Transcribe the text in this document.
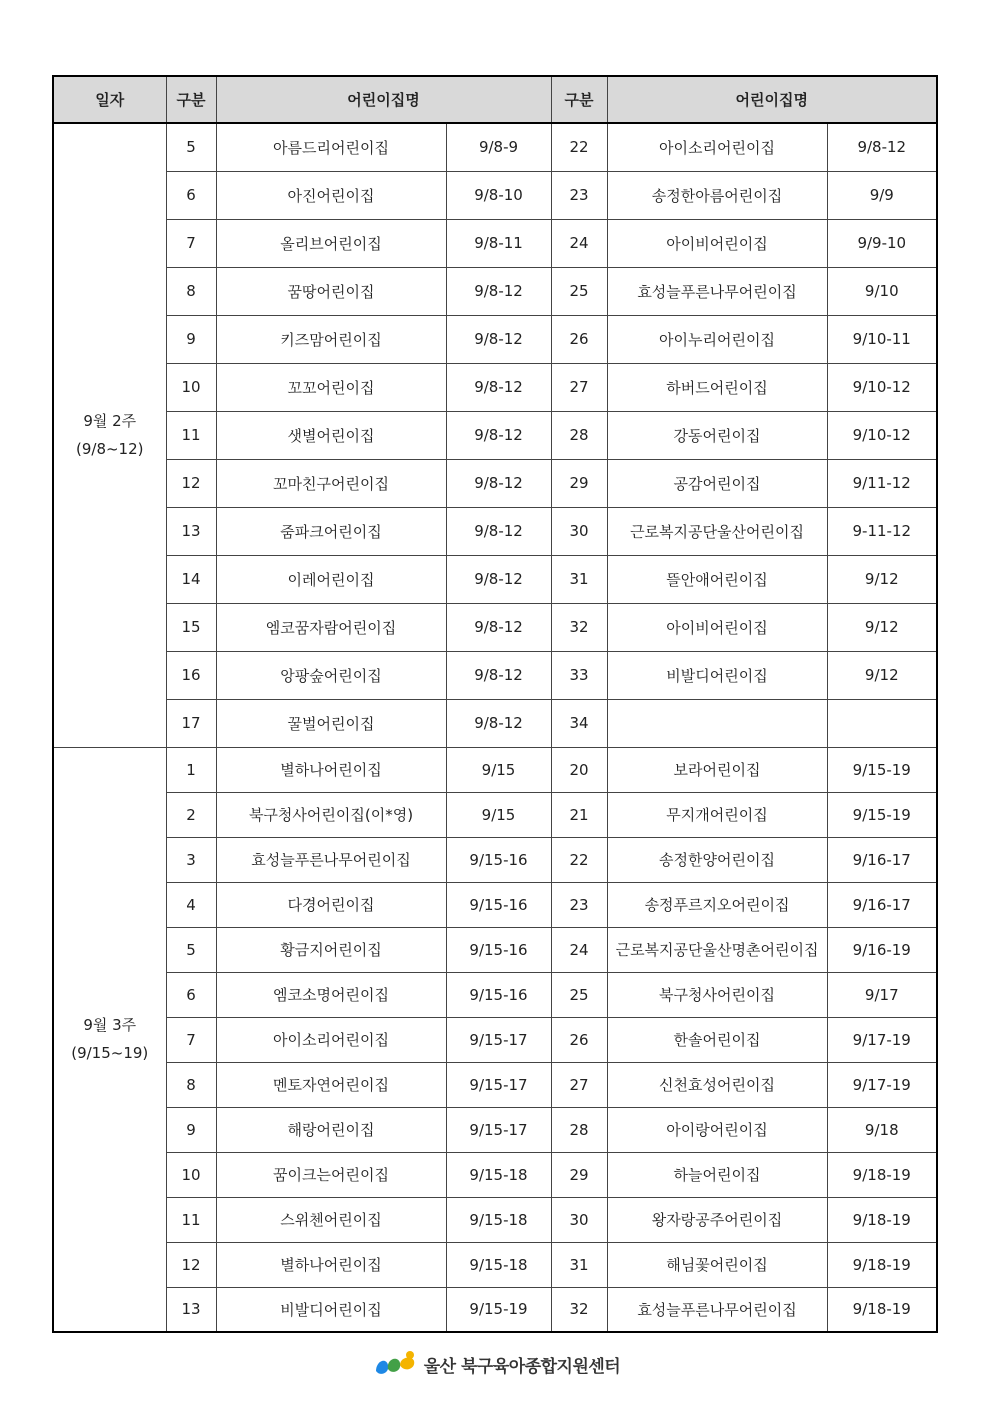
일자	구분	어린이집명		구분	어린이집명	

9월 2주
(9/8~12)	5	아름드리어린이집	9/8-9	22	아이소리어린이집	9/8-12
	6	아진어린이집	9/8-10	23	송정한아름어린이집	9/9
	7	올리브어린이집	9/8-11	24	아이비어린이집	9/9-10
	8	꿈땅어린이집	9/8-12	25	효성늘푸른나무어린이집	9/10
	9	키즈맘어린이집	9/8-12	26	아이누리어린이집	9/10-11
	10	꼬꼬어린이집	9/8-12	27	하버드어린이집	9/10-12
	11	샛별어린이집	9/8-12	28	강동어린이집	9/10-12
	12	꼬마친구어린이집	9/8-12	29	공감어린이집	9/11-12
	13	줌파크어린이집	9/8-12	30	근로복지공단울산어린이집	9-11-12
	14	이레어린이집	9/8-12	31	뜰안애어린이집	9/12
	15	엠코꿈자람어린이집	9/8-12	32	아이비어린이집	9/12
	16	앙팡숲어린이집	9/8-12	33	비발디어린이집	9/12
	17	꿀벌어린이집	9/8-12	34		

9월 3주
(9/15~19)	1	별하나어린이집	9/15	20	보라어린이집	9/15-19
	2	북구청사어린이집(이*영)	9/15	21	무지개어린이집	9/15-19
	3	효성늘푸른나무어린이집	9/15-16	22	송정한양어린이집	9/16-17
	4	다경어린이집	9/15-16	23	송정푸르지오어린이집	9/16-17
	5	황금지어린이집	9/15-16	24	근로복지공단울산명촌어린이집	9/16-19
	6	엠코소명어린이집	9/15-16	25	북구청사어린이집	9/17
	7	아이소리어린이집	9/15-17	26	한솔어린이집	9/17-19
	8	멘토자연어린이집	9/15-17	27	신천효성어린이집	9/17-19
	9	해랑어린이집	9/15-17	28	아이랑어린이집	9/18
	10	꿈이크는어린이집	9/15-18	29	하늘어린이집	9/18-19
	11	스위첸어린이집	9/15-18	30	왕자랑공주어린이집	9/18-19
	12	별하나어린이집	9/15-18	31	해님꽃어린이집	9/18-19
	13	비발디어린이집	9/15-19	32	효성늘푸른나무어린이집	9/18-19
울산 북구육아종합지원센터
